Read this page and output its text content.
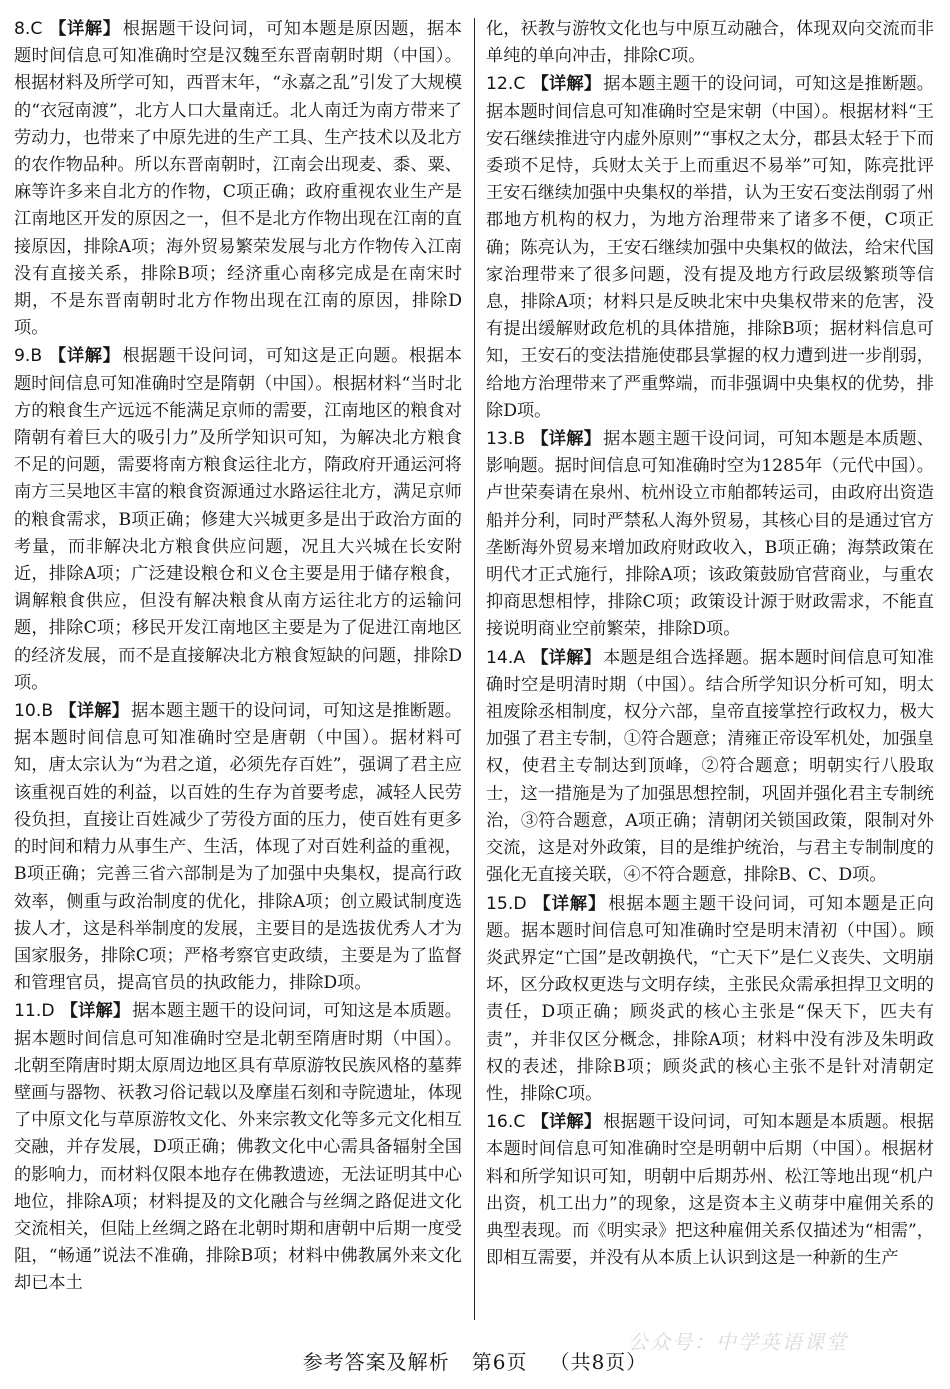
8.C 【详解】 根据题干设问词，可知本题是原因题，据本题时间信息可知准确时空是汉魏至东晋南朝时期（中国）。根据材料及所学可知，西晋末年，“永嘉之乱”引发了大规模的“衣冠南渡”，北方人口大量南迁。北人南迁为南方带来了劳动力，也带来了中原先进的生产工具、生产技术以及北方的农作物品种。所以东晋南朝时，江南会出现麦、黍、粟、麻等许多来自北方的作物，C项正确；政府重视农业生产是江南地区开发的原因之一，但不是北方作物出现在江南的直接原因，排除A项；海外贸易繁荣发展与北方作物传入江南没有直接关系，排除B项；经济重心南移完成是在南宋时期，不是东晋南朝时北方作物出现在江南的原因，排除D项。
9.B 【详解】 根据题干设问词，可知这是正向题。根据本题时间信息可知准确时空是隋朝（中国）。根据材料“当时北方的粮食生产远远不能满足京师的需要，江南地区的粮食对隋朝有着巨大的吸引力”及所学知识可知，为解决北方粮食不足的问题，需要将南方粮食运往北方，隋政府开通运河将南方三吴地区丰富的粮食资源通过水路运往北方，满足京师的粮食需求，B项正确；修建大兴城更多是出于政治方面的考量，而非解决北方粮食供应问题，况且大兴城在长安附近，排除A项；广泛建设粮仓和义仓主要是用于储存粮食，调解粮食供应，但没有解决粮食从南方运往北方的运输问题，排除C项；移民开发江南地区主要是为了促进江南地区的经济发展，而不是直接解决北方粮食短缺的问题，排除D项。
10.B 【详解】 据本题主题干的设问词，可知这是推断题。据本题时间信息可知准确时空是唐朝（中国）。据材料可知，唐太宗认为“为君之道，必须先存百姓”，强调了君主应该重视百姓的利益，以百姓的生存为首要考虑，减轻人民劳役负担，直接让百姓减少了劳役方面的压力，使百姓有更多的时间和精力从事生产、生活，体现了对百姓利益的重视，B项正确；完善三省六部制是为了加强中央集权，提高行政效率，侧重与政治制度的优化，排除A项；创立殿试制度选拔人才，这是科举制度的发展，主要目的是选拔优秀人才为国家服务，排除C项；严格考察官吏政绩，主要是为了监督和管理官员，提高官员的执政能力，排除D项。
11.D 【详解】 据本题主题干的设问词，可知这是本质题。据本题时间信息可知准确时空是北朝至隋唐时期（中国）。北朝至隋唐时期太原周边地区具有草原游牧民族风格的墓葬壁画与器物、祆教习俗记载以及摩崖石刻和寺院遗址，体现了中原文化与草原游牧文化、外来宗教文化等多元文化相互交融，并存发展，D项正确；佛教文化中心需具备辐射全国的影响力，而材料仅限本地存在佛教遗迹，无法证明其中心地位，排除A项；材料提及的文化融合与丝绸之路促进文化交流相关，但陆上丝绸之路在北朝时期和唐朝中后期一度受阻，“畅通”说法不准确，排除B项；材料中佛教属外来文化却已本土
化，祆教与游牧文化也与中原互动融合，体现双向交流而非单纯的单向冲击，排除C项。
12.C 【详解】 据本题主题干的设问词，可知这是推断题。据本题时间信息可知准确时空是宋朝（中国）。根据材料“王安石继续推进守内虚外原则”“事权之太分，郡县太轻于下而委琐不足恃，兵财太关于上而重迟不易举”可知，陈亮批评王安石继续加强中央集权的举措，认为王安石变法削弱了州郡地方机构的权力，为地方治理带来了诸多不便，C项正确；陈亮认为，王安石继续加强中央集权的做法，给宋代国家治理带来了很多问题，没有提及地方行政层级繁琐等信息，排除A项；材料只是反映北宋中央集权带来的危害，没有提出缓解财政危机的具体措施，排除B项；据材料信息可知，王安石的变法措施使郡县掌握的权力遭到进一步削弱，给地方治理带来了严重弊端，而非强调中央集权的优势，排除D项。
13.B 【详解】 据本题主题干设问词，可知本题是本质题、影响题。据时间信息可知准确时空为1285年（元代中国）。卢世荣奏请在泉州、杭州设立市舶都转运司，由政府出资造船并分利，同时严禁私人海外贸易，其核心目的是通过官方垄断海外贸易来增加政府财政收入，B项正确；海禁政策在明代才正式施行，排除A项；该政策鼓励官营商业，与重农抑商思想相悖，排除C项；政策设计源于财政需求，不能直接说明商业空前繁荣，排除D项。
14.A 【详解】 本题是组合选择题。据本题时间信息可知准确时空是明清时期（中国）。结合所学知识分析可知，明太祖废除丞相制度，权分六部，皇帝直接掌控行政权力，极大加强了君主专制，①符合题意；清雍正帝设军机处，加强皇权，使君主专制达到顶峰，②符合题意；明朝实行八股取士，这一措施是为了加强思想控制，巩固并强化君主专制统治，③符合题意，A项正确；清朝闭关锁国政策，限制对外交流，这是对外政策，目的是维护统治，与君主专制制度的强化无直接关联，④不符合题意，排除B、C、D项。
15.D 【详解】 根据本题主题干设问词，可知本题是正向题。据本题时间信息可知准确时空是明末清初（中国）。顾炎武界定“亡国”是改朝换代，“亡天下”是仁义丧失、文明崩坏，区分政权更迭与文明存续，主张民众需承担捍卫文明的责任，D项正确；顾炎武的核心主张是“保天下，匹夫有责”，并非仅区分概念，排除A项；材料中没有涉及朱明政权的表述，排除B项；顾炎武的核心主张不是针对清朝定性，排除C项。
16.C 【详解】 根据题干设问词，可知本题是本质题。根据本题时间信息可知准确时空是明朝中后期（中国）。根据材料和所学知识可知，明朝中后期苏州、松江等地出现“机户出资，机工出力”的现象，这是资本主义萌芽中雇佣关系的典型表现。而《明实录》把这种雇佣关系仅描述为“相需”，即相互需要，并没有从本质上认识到这是一种新的生产
公众号：中学英语课堂
参考答案及解析 第6页 （共8页）
